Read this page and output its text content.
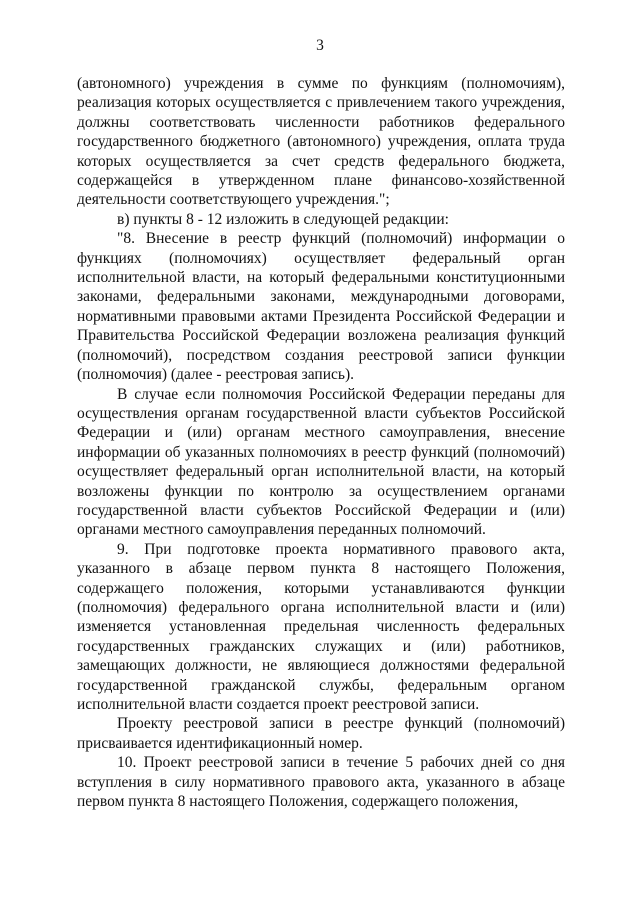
3

(автономного) учреждения в сумме по функциям (полномочиям), реализация которых осуществляется с привлечением такого учреждения, должны соответствовать численности работников федерального государственного бюджетного (автономного) учреждения, оплата труда которых осуществляется за счет средств федерального бюджета, содержащейся в утвержденном плане финансово-хозяйственной деятельности соответствующего учреждения.";

в) пункты 8 - 12 изложить в следующей редакции:

"8. Внесение в реестр функций (полномочий) информации о функциях (полномочиях) осуществляет федеральный орган исполнительной власти, на который федеральными конституционными законами, федеральными законами, международными договорами, нормативными правовыми актами Президента Российской Федерации и Правительства Российской Федерации возложена реализация функций (полномочий), посредством создания реестровой записи функции (полномочия) (далее - реестровая запись).

В случае если полномочия Российской Федерации переданы для осуществления органам государственной власти субъектов Российской Федерации и (или) органам местного самоуправления, внесение информации об указанных полномочиях в реестр функций (полномочий) осуществляет федеральный орган исполнительной власти, на который возложены функции по контролю за осуществлением органами государственной власти субъектов Российской Федерации и (или) органами местного самоуправления переданных полномочий.

9. При подготовке проекта нормативного правового акта, указанного в абзаце первом пункта 8 настоящего Положения, содержащего положения, которыми устанавливаются функции (полномочия) федерального органа исполнительной власти и (или) изменяется установленная предельная численность федеральных государственных гражданских служащих и (или) работников, замещающих должности, не являющиеся должностями федеральной государственной гражданской службы, федеральным органом исполнительной власти создается проект реестровой записи.

Проекту реестровой записи в реестре функций (полномочий) присваивается идентификационный номер.

10. Проект реестровой записи в течение 5 рабочих дней со дня вступления в силу нормативного правового акта, указанного в абзаце первом пункта 8 настоящего Положения, содержащего положения,
